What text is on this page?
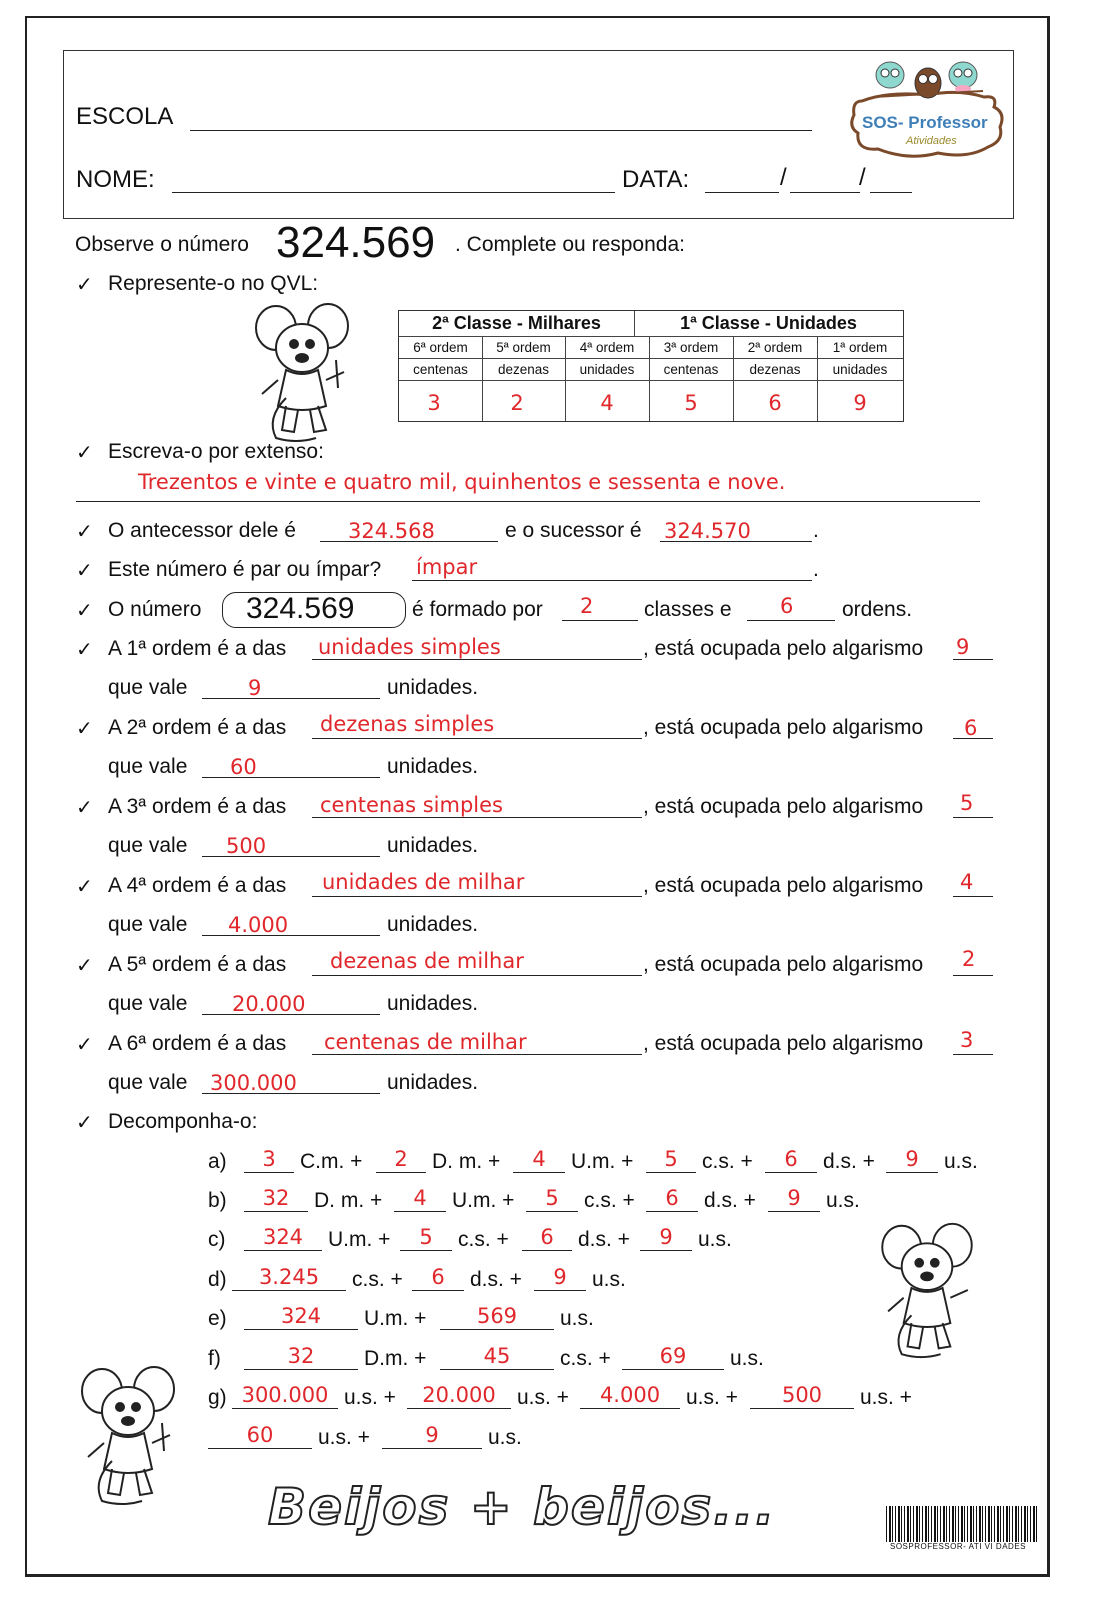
ESCOLA
NOME:	DATA:	/	/
SOS- Professor
Atividades
Observe o número 324.569 . Complete ou responda:
✓ Represente-o no QVL:
2ª Classe - Milhares	1ª Classe - Unidades
6ª ordem	5ª ordem	4ª ordem	3ª ordem	2ª ordem	1ª ordem
centenas	dezenas	unidades	centenas	dezenas	unidades
3	2	4	5	6	9
✓ Escreva-o por extenso:
Trezentos e vinte e quatro mil, quinhentos e sessenta e nove.
✓ O antecessor dele é 324.568	e o sucessor é 324.570	.
✓ Este número é par ou ímpar? ímpar	.
✓ O número 324.569	é formado por 2 classes e 6 ordens.
✓ A 1ª ordem é a das unidades simples	, está ocupada pelo algarismo 9
que vale	9	unidades.
✓ A 2ª ordem é a das dezenas simples	, está ocupada pelo algarismo 6
que vale 60	unidades.
✓ A 3ª ordem é a das centenas simples	, está ocupada pelo algarismo 5
que vale 500	unidades.
✓ A 4ª ordem é a das unidades de milhar	, está ocupada pelo algarismo 4
que vale 4.000	unidades.
✓ A 5ª ordem é a das dezenas de milhar	, está ocupada pelo algarismo 2
que vale 20.000	unidades.
✓ A 6ª ordem é a das centenas de milhar	, está ocupada pelo algarismo 3
que vale 300.000	unidades.
✓ Decomponha-o:
a)	3	C.m. +	2	D. m. +	4	U.m. +	5	c.s. +	6	d.s. +	9	u.s.
b)	32	D. m. +	4	U.m. +	5	c.s. +	6	d.s. +	9	u.s.
c)	324	U.m. +	5	c.s. +	6	d.s. +	9	u.s.
d)	3.245	c.s. +	6	d.s. +	9	u.s.
e)	324	U.m. +	569	u.s.
f)	32	D.m. +	45	c.s. +	69	u.s.
g) 300.000 u.s. +	20.000	u.s. +	4.000	u.s. +	500	u.s. +
60	u.s. +	9	u.s.
Beijos + beijos...
SOSPROFESSOR- ATI VI DADES
